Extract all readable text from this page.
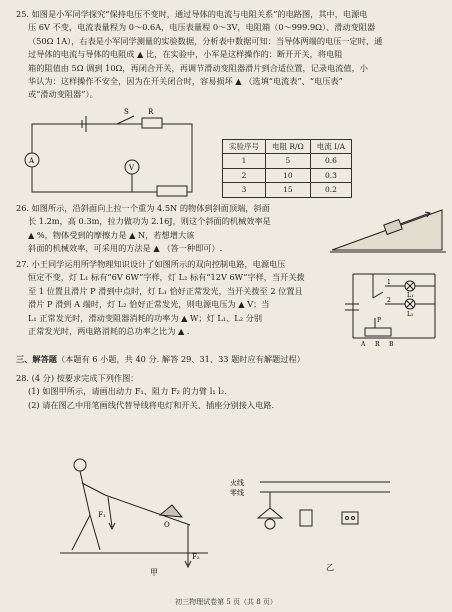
25. 如图是小军同学探究“保持电压不变时，通过导体的电流与电阻关系”的电路图，其中，电源电
压 6V 不变，电流表量程为 0～0.6A，电压表量程 0～3V，电阻箱（0～999.9Ω）、滑动变阻器
（50Ω 1A），右表是小军同学测量的实验数据，分析表中数据可知：当导体两端的电压一定时，通
过导体的电流与导体的电阻成 ▲ 比，在实验中，小军是这样操作的：断开开关，将电阻
箱的阻值由 5Ω 调到 10Ω，再闭合开关，再调节滑动变阻器滑片到合适位置，记录电流值，小
华认为：这样操作不安全，因为在开关闭合时，容易损坏 ▲ （选填“电流表”、“电压表”
或“滑动变阻器”）。
A
V
S	R
实验序号	电阻 R/Ω	电流 I/A
1	5	0.6
2	10	0.3
3	15	0.2
26. 如图所示，沿斜面向上拉一个重为 4.5N 的物体到斜面顶端，斜面
长 1.2m，高 0.3m，拉力做功为 2.16J，则这个斜面的机械效率是
▲ %，物体受到的摩擦力是 ▲ N，若想增大该
斜面的机械效率，可采用的方法是 ▲ （答一种即可）.
27. 小王同学运用所学物理知识设计了如图所示的双向控制电路，电源电压
恒定不变，灯 L₁ 标有“6V 6W”字样，灯 L₂ 标有“12V 6W”字样，当开关拨
至 1 位置且滑片 P 滑到中点时，灯 L₁ 恰好正常发光，当开关拨至 2 位置且
滑片 P 滑到 A 端时，灯 L₂ 恰好正常发光，则电源电压为 ▲ V；当
L₁ 正常发光时，滑动变阻器消耗的功率为 ▲ W；灯 L₁、L₂ 分别
正常发光时，两电路消耗的总功率之比为 ▲ .
L₁
L₂
P
A R B
1
2
三、解答题（本题有 6 小题，共 40 分. 解答 29、31、33 题时应有解题过程）
28. (4 分) 按要求完成下列作图：
(1) 如图甲所示，请画出动力 F₁、阻力 F₂ 的力臂 l₁ l₂.
(2) 请在图乙中用笔画线代替导线将电灯和开关、插座分别接入电路.
F₁
F₂
O
甲
火线
零线
乙
初三物理试卷第 5 页（共 8 页）
